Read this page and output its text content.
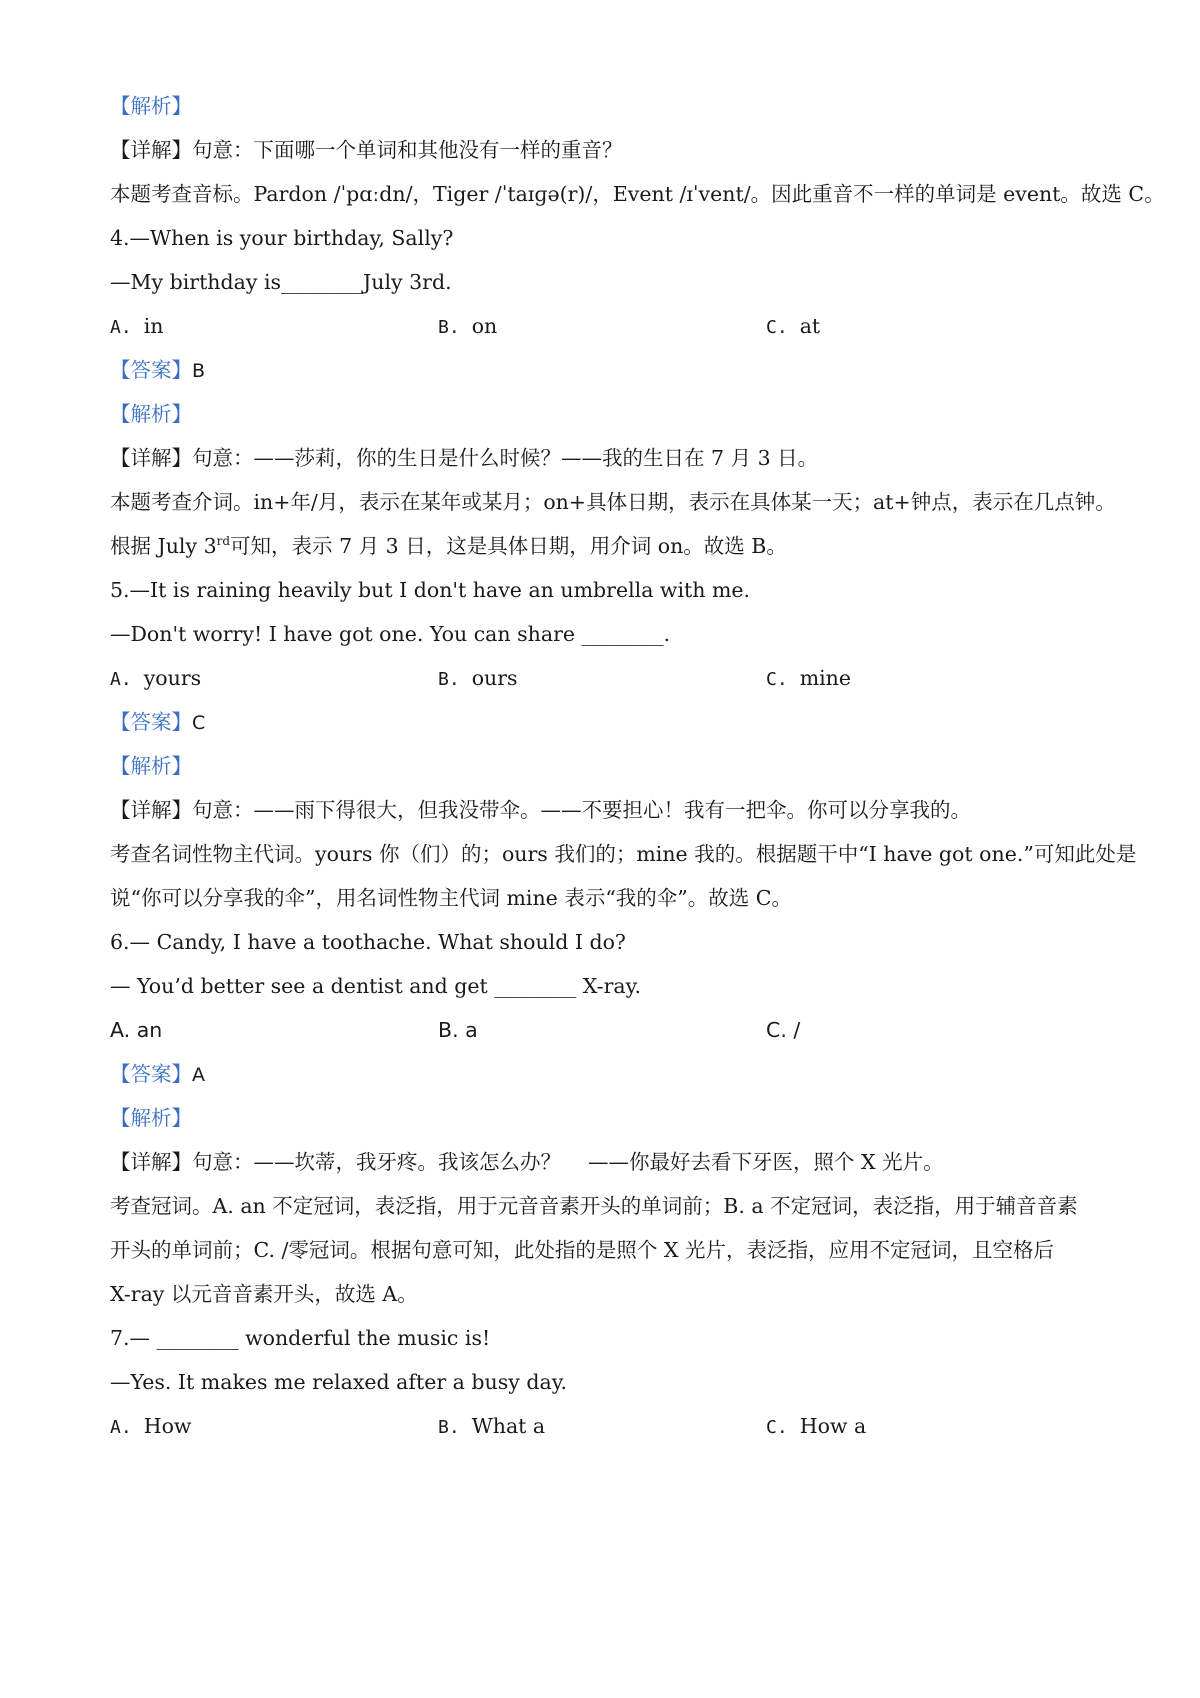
【解析】
【详解】句意：下面哪一个单词和其他没有一样的重音？
本题考查音标。Pardon /ˈpɑːdn/，Tiger /ˈtaɪɡə(r)/，Event /ɪˈvent/。因此重音不一样的单词是 event。故选 C。
4.—When is your birthday, Sally?
—My birthday is________July 3rd.
A. in	B. on	C. at
【答案】B
【解析】
【详解】句意：——莎莉，你的生日是什么时候？——我的生日在 7 月 3 日。
本题考查介词。in+年/月，表示在某年或某月；on+具体日期，表示在具体某一天；at+钟点，表示在几点钟。
根据 July 3rd可知，表示 7 月 3 日，这是具体日期，用介词 on。故选 B。
5.—It is raining heavily but I don't have an umbrella with me.
—Don't worry! I have got one. You can share ________.
A. yours	B. ours	C. mine
【答案】C
【解析】
【详解】句意：——雨下得很大，但我没带伞。——不要担心！我有一把伞。你可以分享我的。
考查名词性物主代词。yours 你（们）的；ours 我们的；mine 我的。根据题干中“I have got one.”可知此处是
说“你可以分享我的伞”，用名词性物主代词 mine 表示“我的伞”。故选 C。
6.— Candy, I have a toothache. What should I do?
— You’d better see a dentist and get ________ X-ray.
A. an	B. a	C. /
【答案】A
【解析】
【详解】句意：——坎蒂，我牙疼。我该怎么办？　 ——你最好去看下牙医，照个 X 光片。
考查冠词。A. an 不定冠词，表泛指，用于元音音素开头的单词前；B. a 不定冠词，表泛指，用于辅音音素
开头的单词前；C. /零冠词。根据句意可知，此处指的是照个 X 光片，表泛指，应用不定冠词，且空格后
X-ray 以元音音素开头，故选 A。
7.— ________ wonderful the music is!
—Yes. It makes me relaxed after a busy day.
A. How	B. What a	C. How a
